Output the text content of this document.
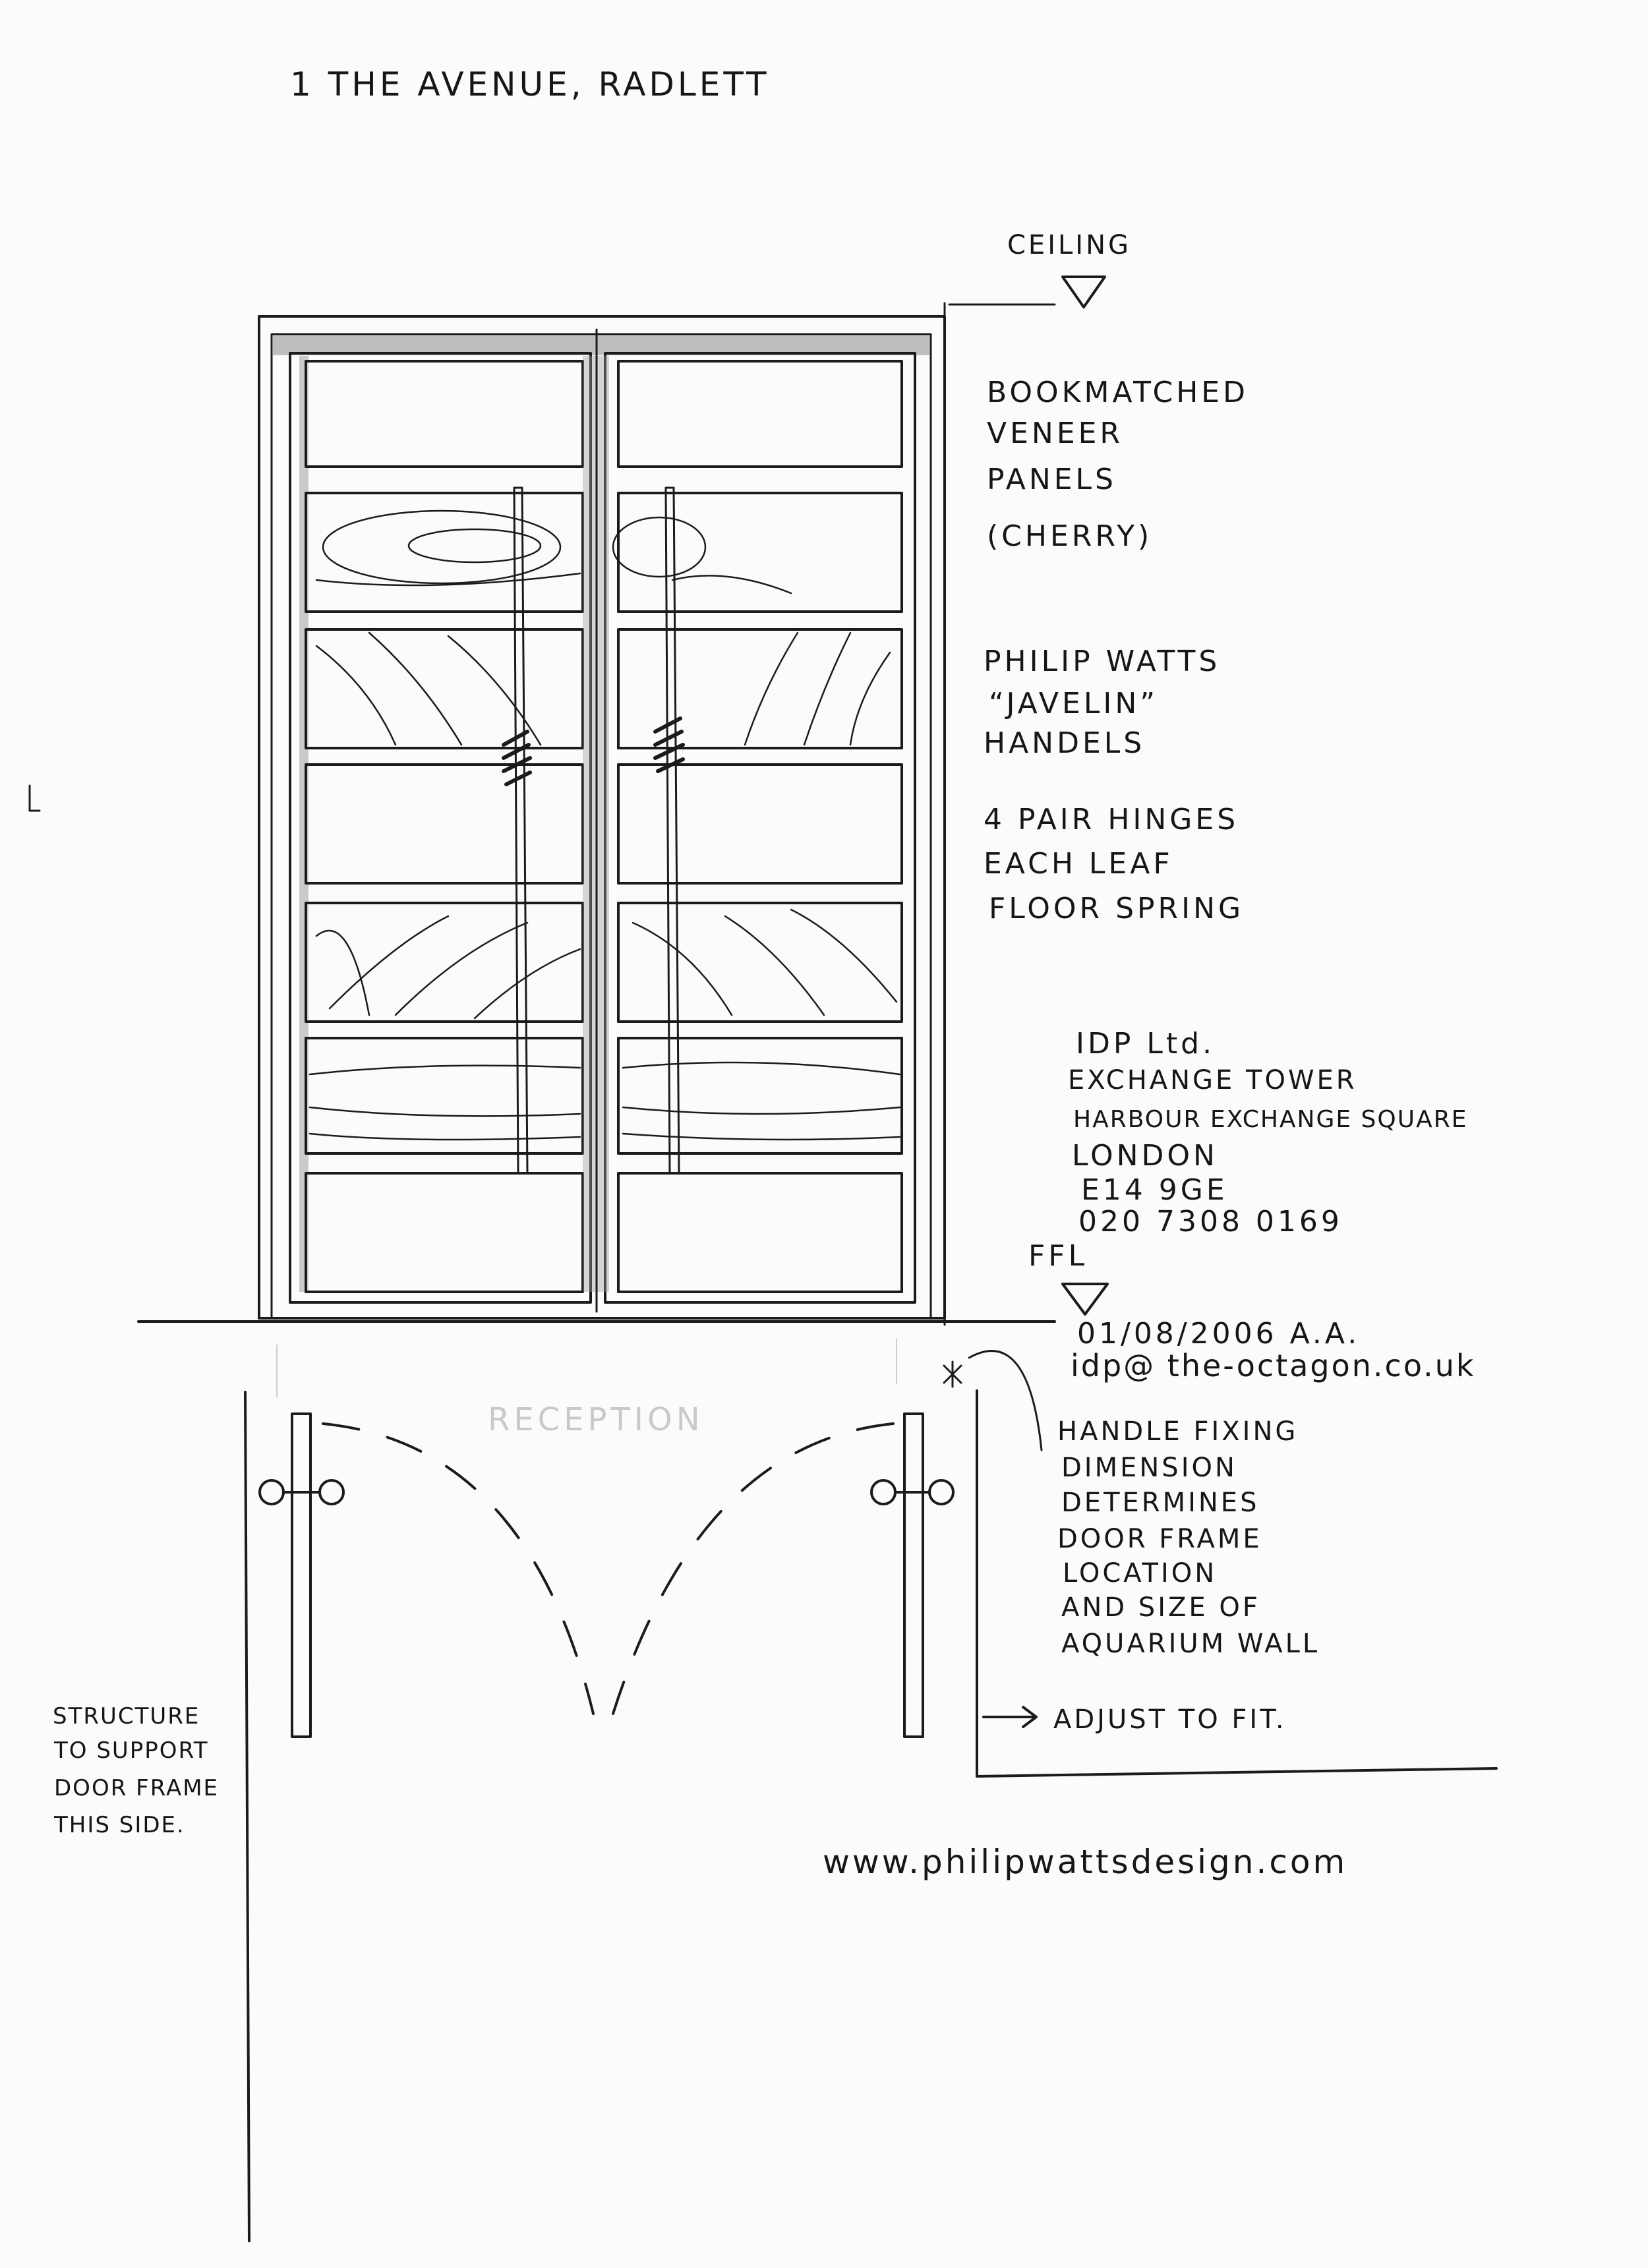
1 THE AVENUE, RADLETT
CEILING
FFL
BOOKMATCHED
VENEER
PANELS
(CHERRY)
PHILIP WATTS
“JAVELIN”
HANDELS
4 PAIR HINGES
EACH LEAF
FLOOR SPRING
IDP Ltd.
EXCHANGE TOWER
HARBOUR EXCHANGE SQUARE
LONDON
E14 9GE
020 7308 0169
01/08/2006 A.A.
idp@ the-octagon.co.uk
RECEPTION	HANDLE FIXING
DIMENSION
DETERMINES
DOOR FRAME
LOCATION
AND SIZE OF
AQUARIUM WALL
ADJUST TO FIT.
STRUCTURE
TO SUPPORT
DOOR FRAME
THIS SIDE.
www.philipwattsdesign.com
